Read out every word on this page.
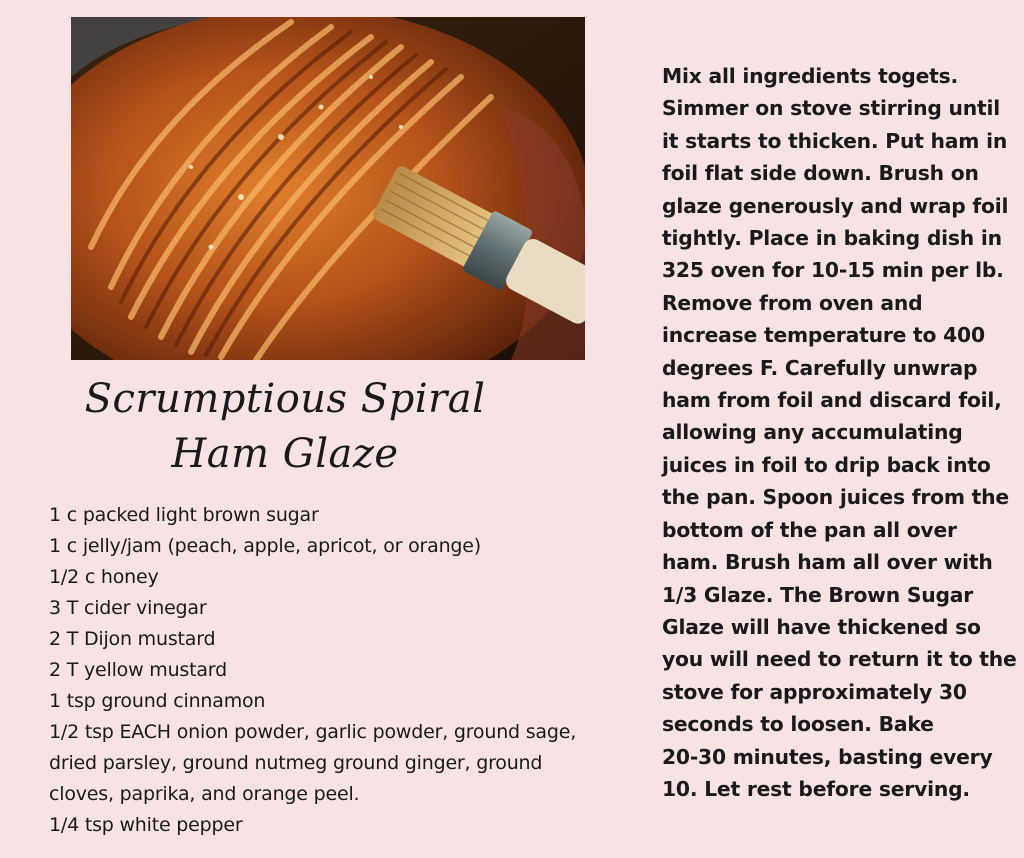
Scrumptious Spiral
Ham Glaze
1 c packed light brown sugar
1 c jelly/jam (peach, apple, apricot, or orange)
1/2 c honey
3 T cider vinegar
2 T Dijon mustard
2 T yellow mustard
1 tsp ground cinnamon
1/2 tsp EACH onion powder, garlic powder, ground sage,
dried parsley, ground nutmeg ground ginger, ground
cloves, paprika, and orange peel.
1/4 tsp white pepper
Mix all ingredients togets.
Simmer on stove stirring until
it starts to thicken. Put ham in
foil flat side down. Brush on
glaze generously and wrap foil
tightly. Place in baking dish in
325 oven for 10-15 min per lb.
Remove from oven and
increase temperature to 400
degrees F. Carefully unwrap
ham from foil and discard foil,
allowing any accumulating
juices in foil to drip back into
the pan. Spoon juices from the
bottom of the pan all over
ham. Brush ham all over with
1/3 Glaze. The Brown Sugar
Glaze will have thickened so
you will need to return it to the
stove for approximately 30
seconds to loosen. Bake
20-30 minutes, basting every
10. Let rest before serving.
